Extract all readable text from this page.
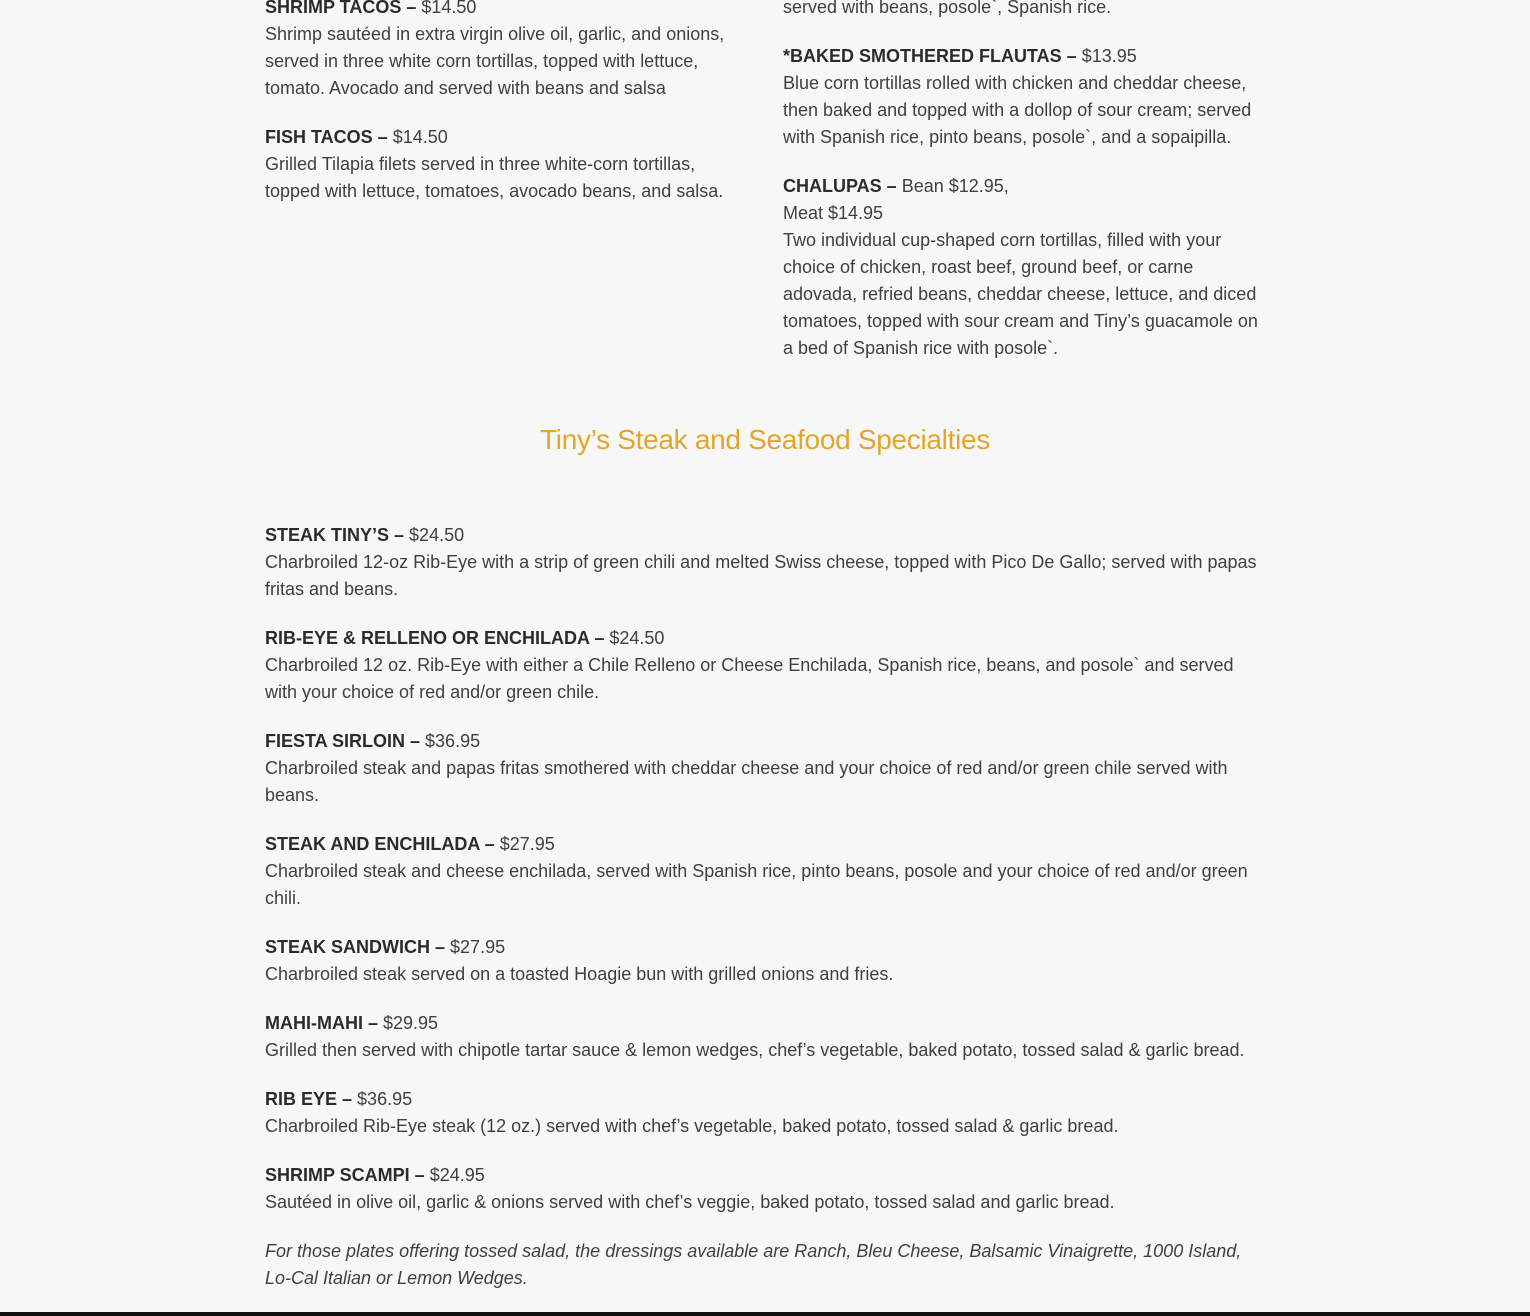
SHRIMP TACOS – $14.50
Shrimp sautéed in extra virgin olive oil, garlic, and onions, served in three white corn tortillas, topped with lettuce, tomato. Avocado and served with beans and salsa
FISH TACOS – $14.50
Grilled Tilapia filets served in three white-corn tortillas, topped with lettuce, tomatoes, avocado beans, and salsa.
served with beans, posole`, Spanish rice.
*BAKED SMOTHERED FLAUTAS – $13.95
Blue corn tortillas rolled with chicken and cheddar cheese, then baked and topped with a dollop of sour cream; served with Spanish rice, pinto beans, posole`, and a sopaipilla.
CHALUPAS – Bean $12.95,
Meat $14.95
Two individual cup-shaped corn tortillas, filled with your choice of chicken, roast beef, ground beef, or carne adovada, refried beans, cheddar cheese, lettuce, and diced tomatoes, topped with sour cream and Tiny’s guacamole on a bed of Spanish rice with posole`.
Tiny’s Steak and Seafood Specialties
STEAK TINY’S – $24.50
Charbroiled 12-oz Rib-Eye with a strip of green chili and melted Swiss cheese, topped with Pico De Gallo; served with papas fritas and beans.
RIB-EYE & RELLENO OR ENCHILADA – $24.50
Charbroiled 12 oz. Rib-Eye with either a Chile Relleno or Cheese Enchilada, Spanish rice, beans, and posole` and served with your choice of red and/or green chile.
FIESTA SIRLOIN – $36.95
Charbroiled steak and papas fritas smothered with cheddar cheese and your choice of red and/or green chile served with beans.
STEAK AND ENCHILADA – $27.95
Charbroiled steak and cheese enchilada, served with Spanish rice, pinto beans, posole and your choice of red and/or green chili.
STEAK SANDWICH – $27.95
Charbroiled steak served on a toasted Hoagie bun with grilled onions and fries.
MAHI-MAHI – $29.95
Grilled then served with chipotle tartar sauce & lemon wedges, chef’s vegetable, baked potato, tossed salad & garlic bread.
RIB EYE – $36.95
Charbroiled Rib-Eye steak (12 oz.) served with chef’s vegetable, baked potato, tossed salad & garlic bread.
SHRIMP SCAMPI – $24.95
Sautéed in olive oil, garlic & onions served with chef’s veggie, baked potato, tossed salad and garlic bread.
For those plates offering tossed salad, the dressings available are Ranch, Bleu Cheese, Balsamic Vinaigrette, 1000 Island, Lo-Cal Italian or Lemon Wedges.
